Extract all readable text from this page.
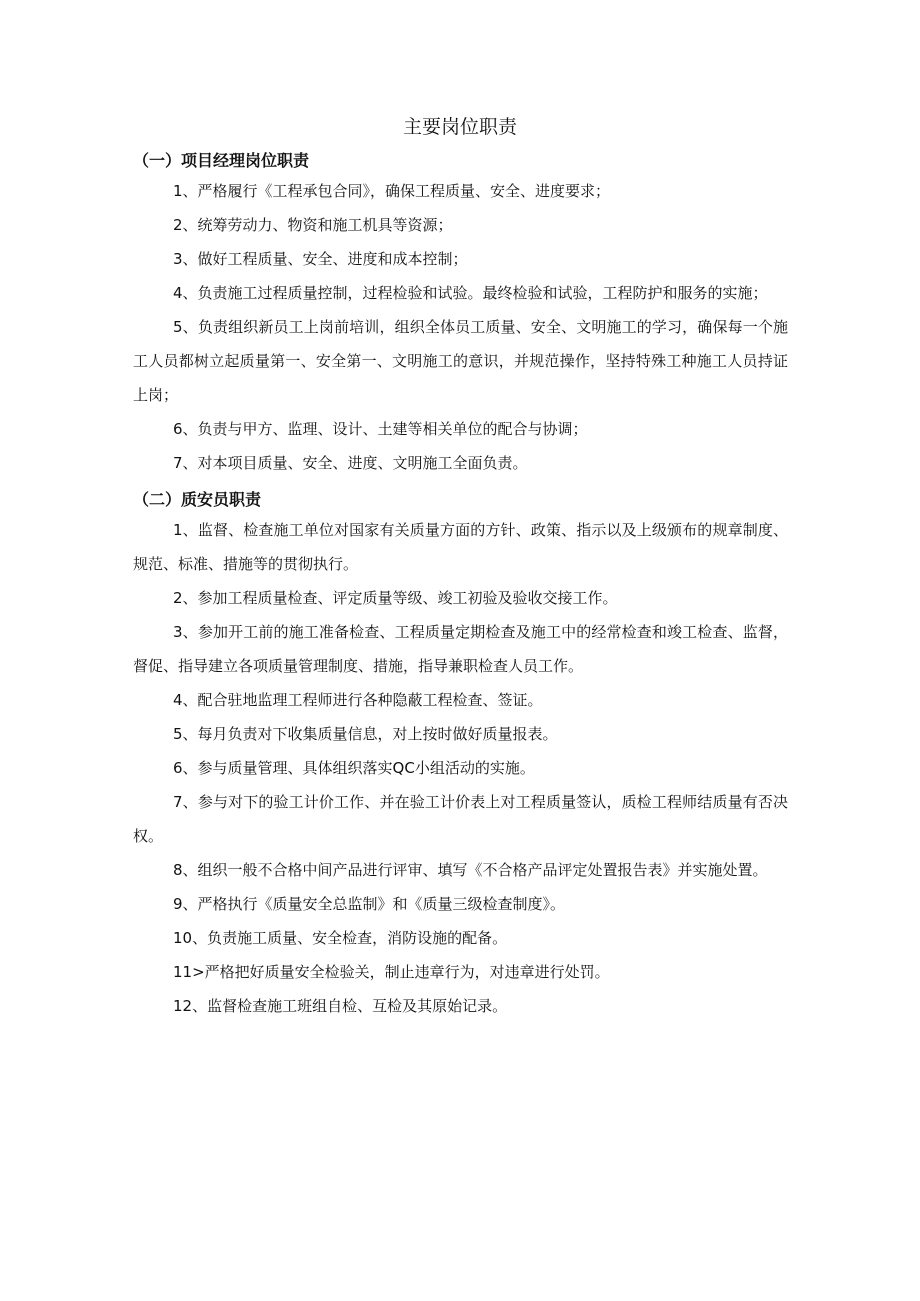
主要岗位职责

（一）项目经理岗位职责

1、严格履行《工程承包合同》，确保工程质量、安全、进度要求；

2、统筹劳动力、物资和施工机具等资源；

3、做好工程质量、安全、进度和成本控制；

4、负责施工过程质量控制，过程检验和试验。最终检验和试验，工程防护和服务的实施；

5、负责组织新员工上岗前培训，组织全体员工质量、安全、文明施工的学习，确保每一个施工人员都树立起质量第一、安全第一、文明施工的意识，并规范操作，坚持特殊工种施工人员持证上岗；

6、负责与甲方、监理、设计、土建等相关单位的配合与协调；

7、对本项目质量、安全、进度、文明施工全面负责。

（二）质安员职责

1、监督、检查施工单位对国家有关质量方面的方针、政策、指示以及上级颁布的规章制度、规范、标准、措施等的贯彻执行。

2、参加工程质量检查、评定质量等级、竣工初验及验收交接工作。

3、参加开工前的施工准备检查、工程质量定期检查及施工中的经常检查和竣工检查、监督，督促、指导建立各项质量管理制度、措施，指导兼职检查人员工作。

4、配合驻地监理工程师进行各种隐蔽工程检查、签证。

5、每月负责对下收集质量信息，对上按时做好质量报表。

6、参与质量管理、具体组织落实QC小组活动的实施。

7、参与对下的验工计价工作、并在验工计价表上对工程质量签认，质检工程师结质量有否决权。

8、组织一般不合格中间产品进行评审、填写《不合格产品评定处置报告表》并实施处置。

9、严格执行《质量安全总监制》和《质量三级检查制度》。

10、负责施工质量、安全检查，消防设施的配备。

11>严格把好质量安全检验关，制止违章行为，对违章进行处罚。

12、监督检查施工班组自检、互检及其原始记录。
